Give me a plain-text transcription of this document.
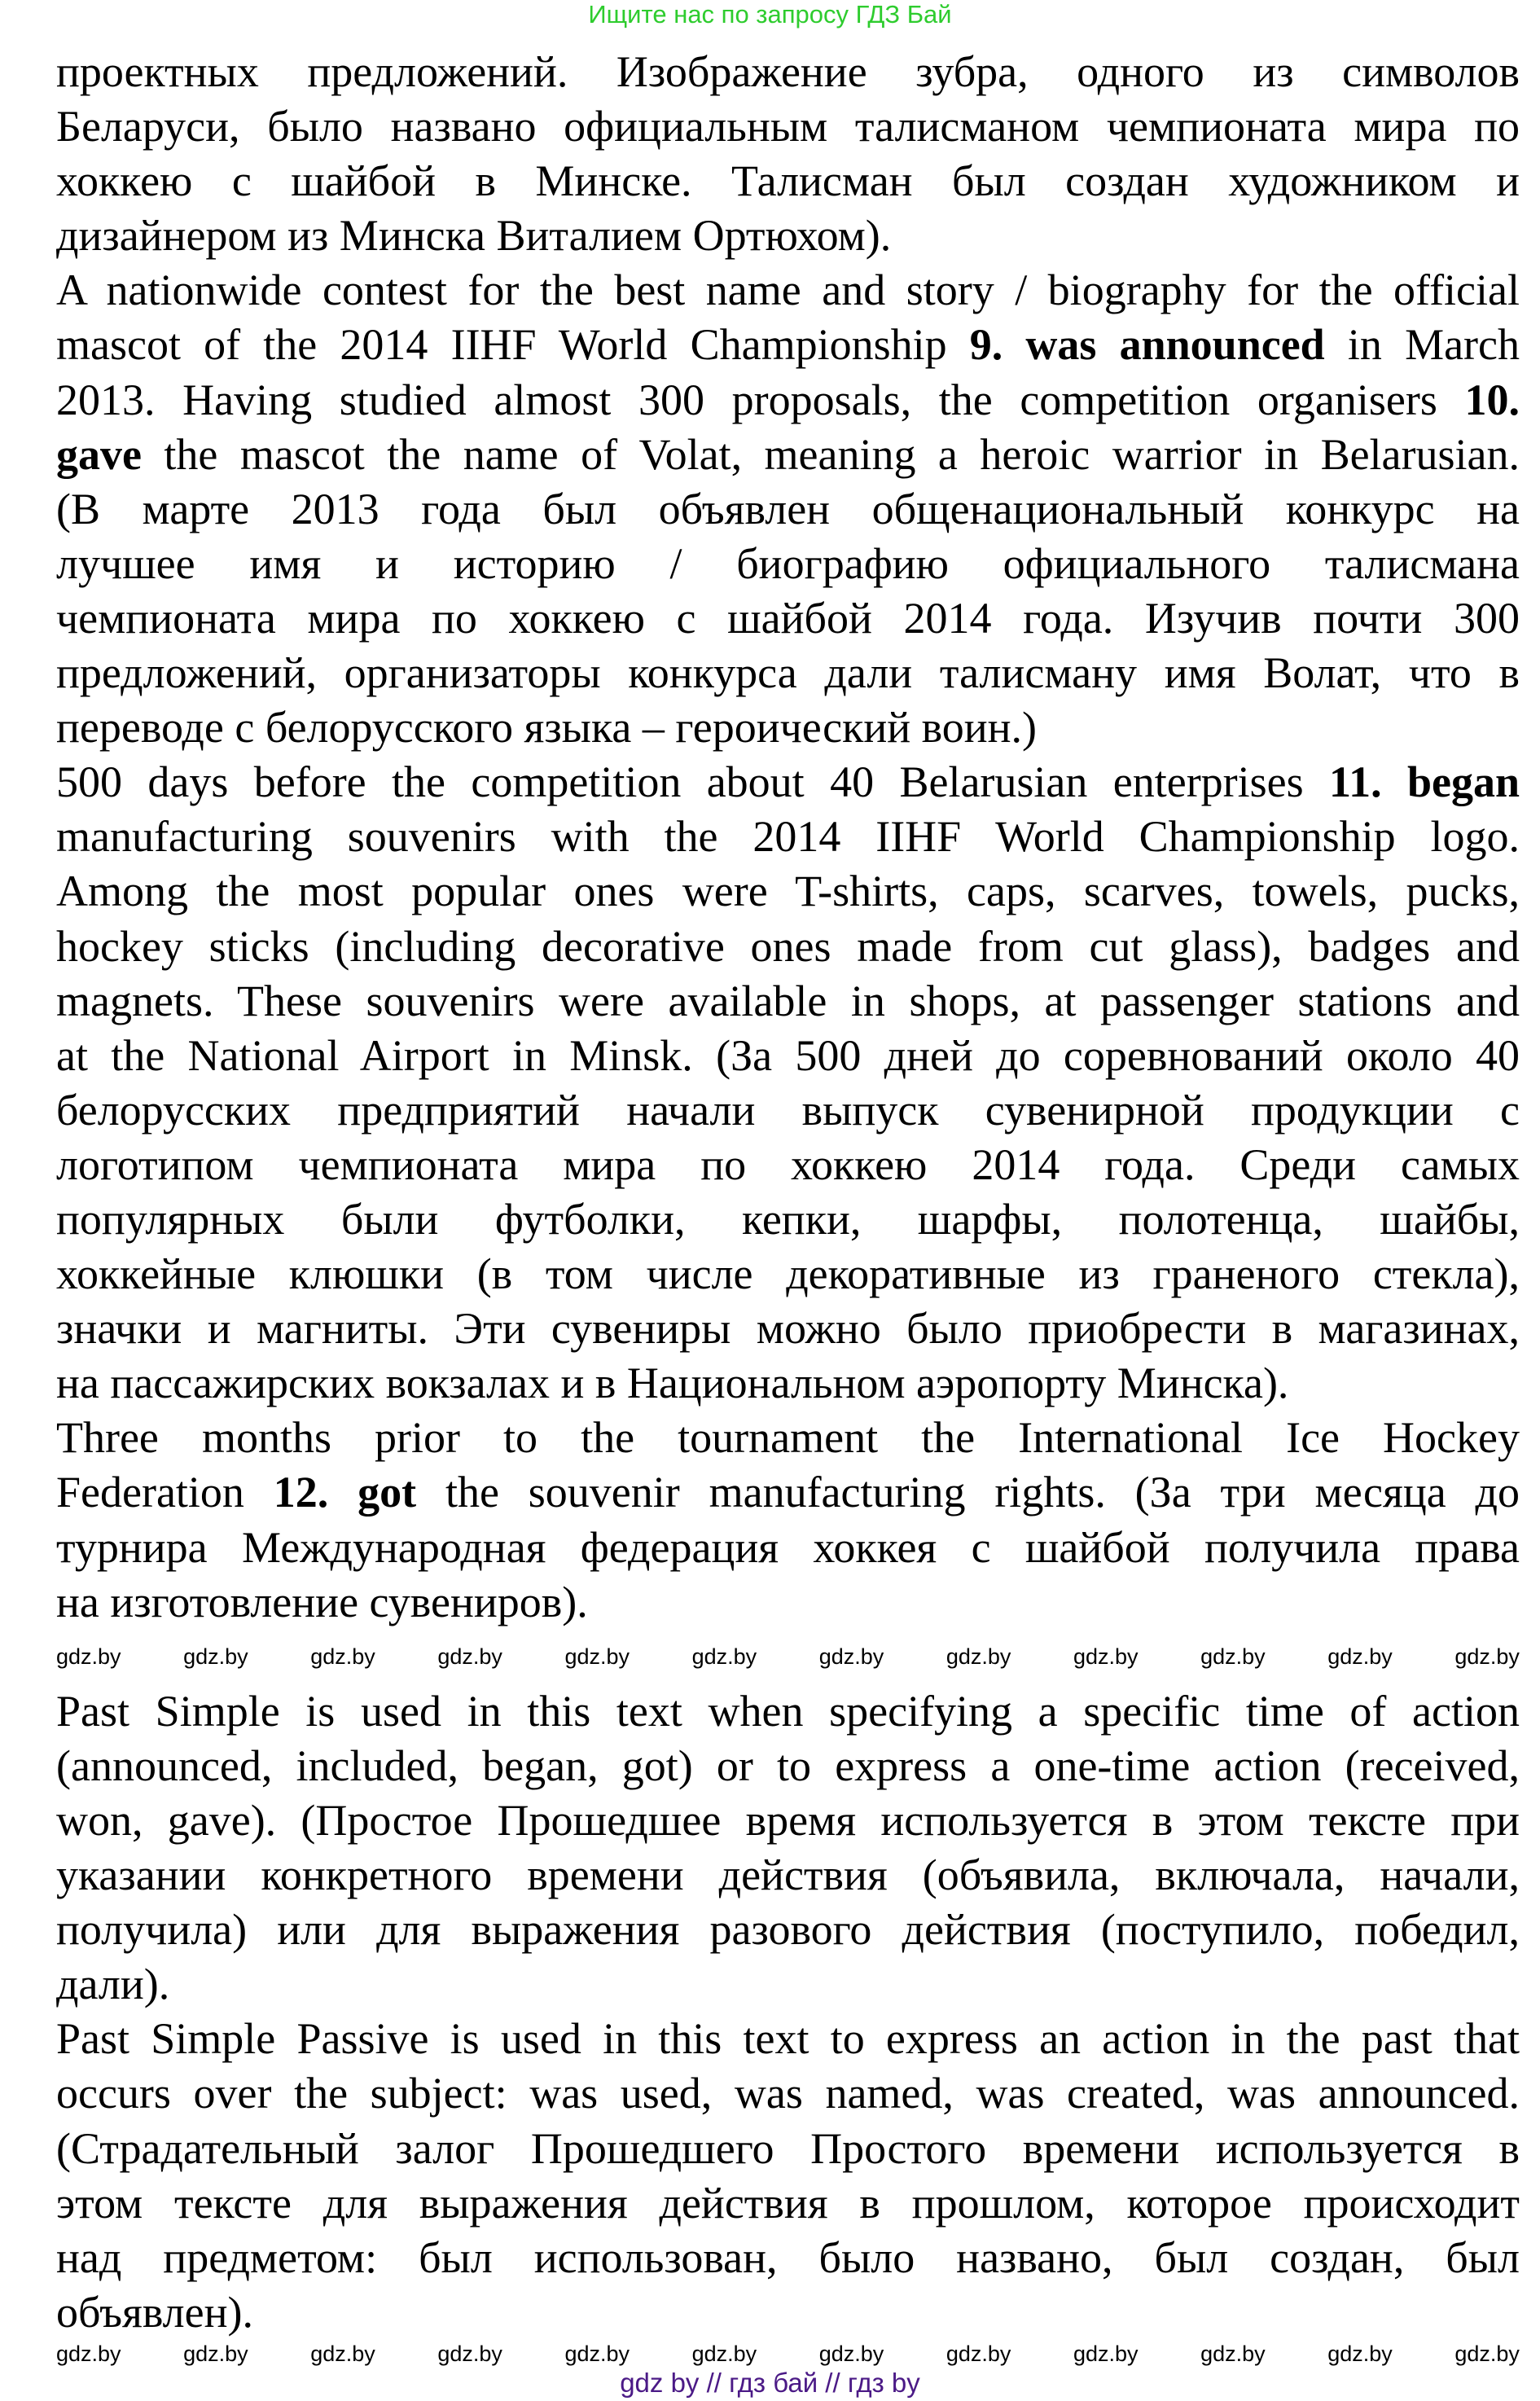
Ищите нас по запросу ГДЗ Бай
проектных предложений. Изображение зубра, одного из символов
Беларуси, было названо официальным талисманом чемпионата мира по
хоккею с шайбой в Минске. Талисман был создан художником и
дизайнером из Минска Виталием Ортюхом).
A nationwide contest for the best name and story / biography for the official
mascot of the 2014 IIHF World Championship 9. was announced in March
2013. Having studied almost 300 proposals, the competition organisers 10.
gave the mascot the name of Volat, meaning a heroic warrior in Belarusian.
(В марте 2013 года был объявлен общенациональный конкурс на
лучшее имя и историю / биографию официального талисмана
чемпионата мира по хоккею с шайбой 2014 года. Изучив почти 300
предложений, организаторы конкурса дали талисману имя Волат, что в
переводе с белорусского языка – героический воин.)
500 days before the competition about 40 Belarusian enterprises 11. began
manufacturing souvenirs with the 2014 IIHF World Championship logo.
Among the most popular ones were T-shirts, caps, scarves, towels, pucks,
hockey sticks (including decorative ones made from cut glass), badges and
magnets. These souvenirs were available in shops, at passenger stations and
at the National Airport in Minsk. (За 500 дней до соревнований около 40
белорусских предприятий начали выпуск сувенирной продукции с
логотипом чемпионата мира по хоккею 2014 года. Среди самых
популярных были футболки, кепки, шарфы, полотенца, шайбы,
хоккейные клюшки (в том числе декоративные из граненого стекла),
значки и магниты. Эти сувениры можно было приобрести в магазинах,
на пассажирских вокзалах и в Национальном аэропорту Минска).
Three months prior to the tournament the International Ice Hockey
Federation 12. got the souvenir manufacturing rights. (За три месяца до
турнира Международная федерация хоккея с шайбой получила права
на изготовление сувениров).
Past Simple is used in this text when specifying a specific time of action
(announced, included, began, got) or to express a one-time action (received,
won, gave). (Простое Прошедшее время используется в этом тексте при
указании конкретного времени действия (объявила, включала, начали,
получила) или для выражения разового действия (поступило, победил,
дали).
Past Simple Passive is used in this text to express an action in the past that
occurs over the subject: was used, was named, was created, was announced.
(Страдательный залог Прошедшего Простого времени используется в
этом тексте для выражения действия в прошлом, которое происходит
над предметом: был использован, было названо, был создан, был
объявлен).
gdz.by	gdz.by	gdz.by	gdz.by	gdz.by	gdz.by	gdz.by	gdz.by	gdz.by	gdz.by	gdz.by	gdz.by
gdz.by	gdz.by	gdz.by	gdz.by	gdz.by	gdz.by	gdz.by	gdz.by	gdz.by	gdz.by	gdz.by	gdz.by
gdz by // гдз бай // гдз by
